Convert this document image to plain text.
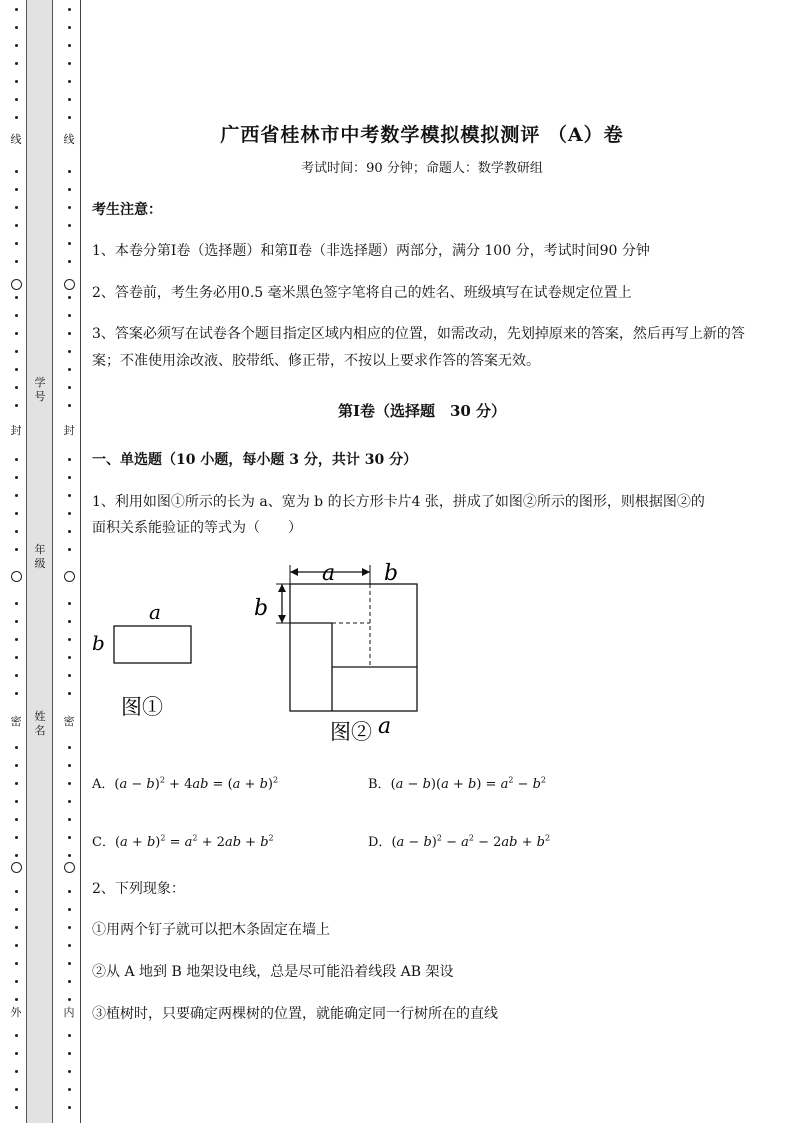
线
封
密
外
线
封
密
内
学号
年级
姓名
广西省桂林市中考数学模拟模拟测评 （A）卷
考试时间：90 分钟；命题人：数学教研组
考生注意：
1、本卷分第Ⅰ卷（选择题）和第Ⅱ卷（非选择题）两部分，满分 100 分，考试时间90 分钟
2、答卷前，考生务必用0.5 毫米黑色签字笔将自己的姓名、班级填写在试卷规定位置上
3、答案必须写在试卷各个题目指定区域内相应的位置，如需改动，先划掉原来的答案，然后再写上新的答案；不准使用涂改液、胶带纸、修正带，不按以上要求作答的答案无效。
第Ⅰ卷（选择题　30 分）
一、单选题（10 小题，每小题 3 分，共计 30 分）
1、利用如图①所示的长为 a、宽为 b 的长方形卡片4 张，拼成了如图②所示的图形，则根据图②的
面积关系能验证的等式为（　　）
a
b
图①
a b
b
图② a
A．$(a - b)^2 + 4ab = (a + b)^2$	B．$(a - b)(a + b) = a^2 - b^2$
C．$(a + b)^2 = a^2 + 2ab + b^2$	D．$(a - b)^2 - a^2 - 2ab + b^2$
2、下列现象：
①用两个钉子就可以把木条固定在墙上
②从 A 地到 B 地架设电线，总是尽可能沿着线段 AB 架设
③植树时，只要确定两棵树的位置，就能确定同一行树所在的直线
